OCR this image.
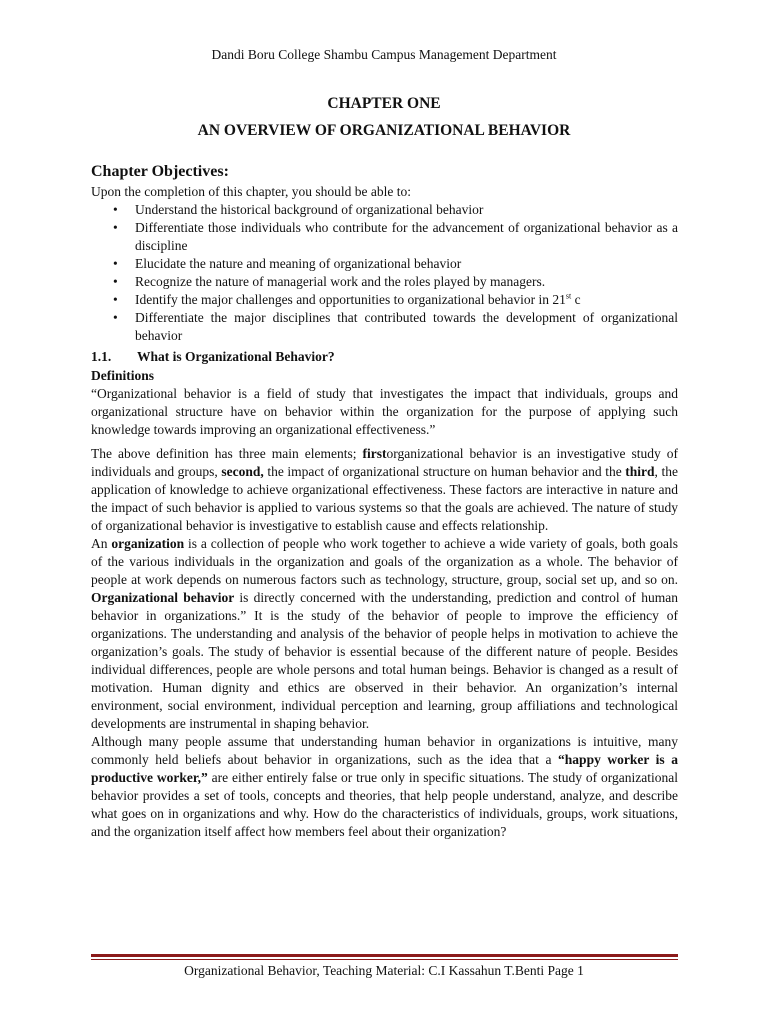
Dandi Boru College Shambu Campus Management Department
CHAPTER ONE
AN OVERVIEW OF ORGANIZATIONAL BEHAVIOR
Chapter Objectives:

Upon the completion of this chapter, you should be able to:

• Understand the historical background of organizational behavior
• Differentiate those individuals who contribute for the advancement of organizational behavior as a discipline
• Elucidate the nature and meaning of organizational behavior
• Recognize the nature of managerial work and the roles played by managers.
• Identify the major challenges and opportunities to organizational behavior in 21st c
• Differentiate the major disciplines that contributed towards the development of organizational behavior
1.1. What is Organizational Behavior?
Definitions

“Organizational behavior is a field of study that investigates the impact that individuals, groups and organizational structure have on behavior within the organization for the purpose of applying such knowledge towards improving an organizational effectiveness.”

The above definition has three main elements; firstorganizational behavior is an investigative study of individuals and groups, second, the impact of organizational structure on human behavior and the third, the application of knowledge to achieve organizational effectiveness. These factors are interactive in nature and the impact of such behavior is applied to various systems so that the goals are achieved. The nature of study of organizational behavior is investigative to establish cause and effects relationship.

An organization is a collection of people who work together to achieve a wide variety of goals, both goals of the various individuals in the organization and goals of the organization as a whole. The behavior of people at work depends on numerous factors such as technology, structure, group, social set up, and so on. Organizational behavior is directly concerned with the understanding, prediction and control of human behavior in organizations.” It is the study of the behavior of people to improve the efficiency of organizations. The understanding and analysis of the behavior of people helps in motivation to achieve the organization’s goals. The study of behavior is essential because of the different nature of people. Besides individual differences, people are whole persons and total human beings. Behavior is changed as a result of motivation. Human dignity and ethics are observed in their behavior. An organization’s internal environment, social environment, individual perception and learning, group affiliations and technological developments are instrumental in shaping behavior.

Although many people assume that understanding human behavior in organizations is intuitive, many commonly held beliefs about behavior in organizations, such as the idea that a “happy worker is a productive worker,” are either entirely false or true only in specific situations. The study of organizational behavior provides a set of tools, concepts and theories, that help people understand, analyze, and describe what goes on in organizations and why. How do the characteristics of individuals, groups, work situations, and the organization itself affect how members feel about their organization?

Organizational Behavior, Teaching Material: C.I Kassahun T.Benti Page 1
